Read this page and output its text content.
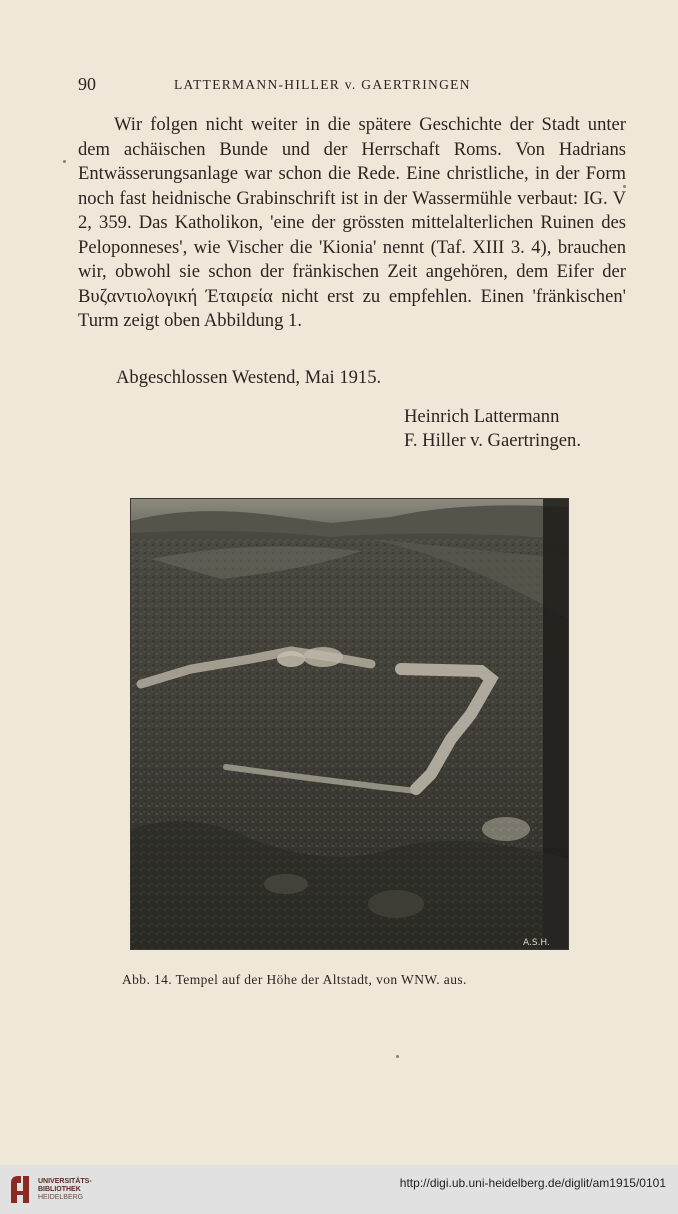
90	LATTERMANN-HILLER v. GAERTRINGEN

Wir folgen nicht weiter in die spätere Geschichte der Stadt unter dem achäischen Bunde und der Herrschaft Roms. Von Hadrians Entwässerungsanlage war schon die Rede. Eine christliche, in der Form noch fast heidnische Grabinschrift ist in der Wassermühle verbaut: IG. V 2, 359. Das Katholikon, 'eine der grössten mittelalterlichen Ruinen des Peloponneses', wie Vischer die 'Kionia' nennt (Taf. XIII 3. 4), brauchen wir, obwohl sie schon der fränkischen Zeit angehören, dem Eifer der Βυζαντιολογική Έταιρεία nicht erst zu empfehlen. Einen 'fränkischen' Turm zeigt oben Abbildung 1.

Abgeschlossen Westend, Mai 1915.
Heinrich Lattermann
F. Hiller v. Gaertringen.
A.S.H.
Abb. 14. Tempel auf der Höhe der Altstadt, von WNW. aus.
UNIVERSITÄTS-
BIBLIOTHEK
HEIDELBERG
http://digi.ub.uni-heidelberg.de/diglit/am1915/0101
